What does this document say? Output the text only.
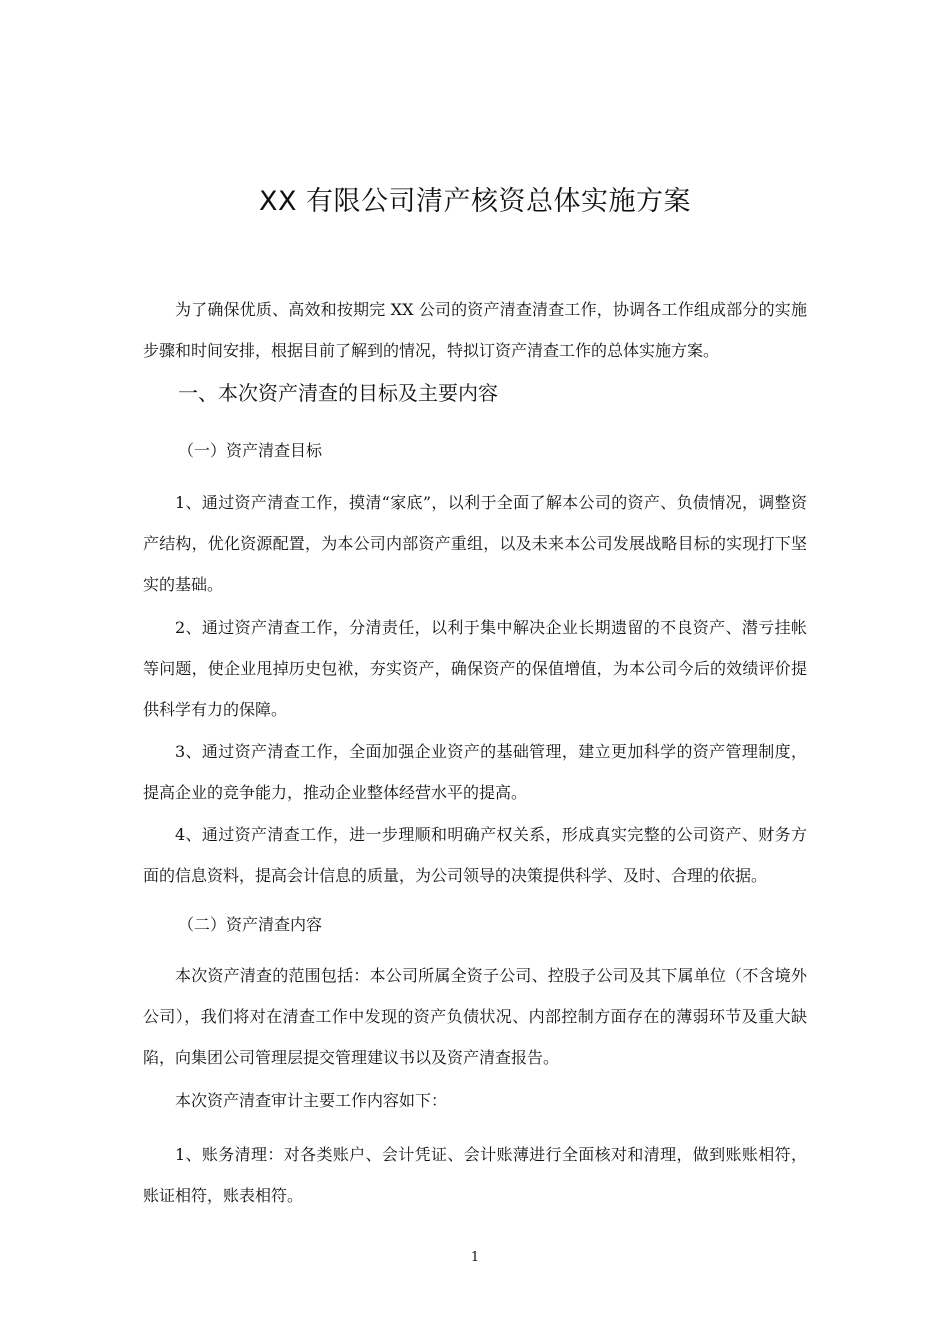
XX 有限公司清产核资总体实施方案

为了确保优质、高效和按期完 XX 公司的资产清查清查工作，协调各工作组成部分的实施步骤和时间安排，根据目前了解到的情况，特拟订资产清查工作的总体实施方案。

一、本次资产清查的目标及主要内容

（一）资产清查目标

1、通过资产清查工作，摸清“家底”，以利于全面了解本公司的资产、负债情况，调整资产结构，优化资源配置，为本公司内部资产重组，以及未来本公司发展战略目标的实现打下坚实的基础。

2、通过资产清查工作，分清责任，以利于集中解决企业长期遗留的不良资产、潜亏挂帐等问题，使企业甩掉历史包袱，夯实资产，确保资产的保值增值，为本公司今后的效绩评价提供科学有力的保障。

3、通过资产清查工作，全面加强企业资产的基础管理，建立更加科学的资产管理制度，提高企业的竞争能力，推动企业整体经营水平的提高。

4、通过资产清查工作，进一步理顺和明确产权关系，形成真实完整的公司资产、财务方面的信息资料，提高会计信息的质量，为公司领导的决策提供科学、及时、合理的依据。

（二）资产清查内容

本次资产清查的范围包括：本公司所属全资子公司、控股子公司及其下属单位（不含境外公司），我们将对在清查工作中发现的资产负债状况、内部控制方面存在的薄弱环节及重大缺陷，向集团公司管理层提交管理建议书以及资产清查报告。

本次资产清查审计主要工作内容如下：

1、账务清理：对各类账户、会计凭证、会计账薄进行全面核对和清理，做到账账相符，账证相符，账表相符。

1
